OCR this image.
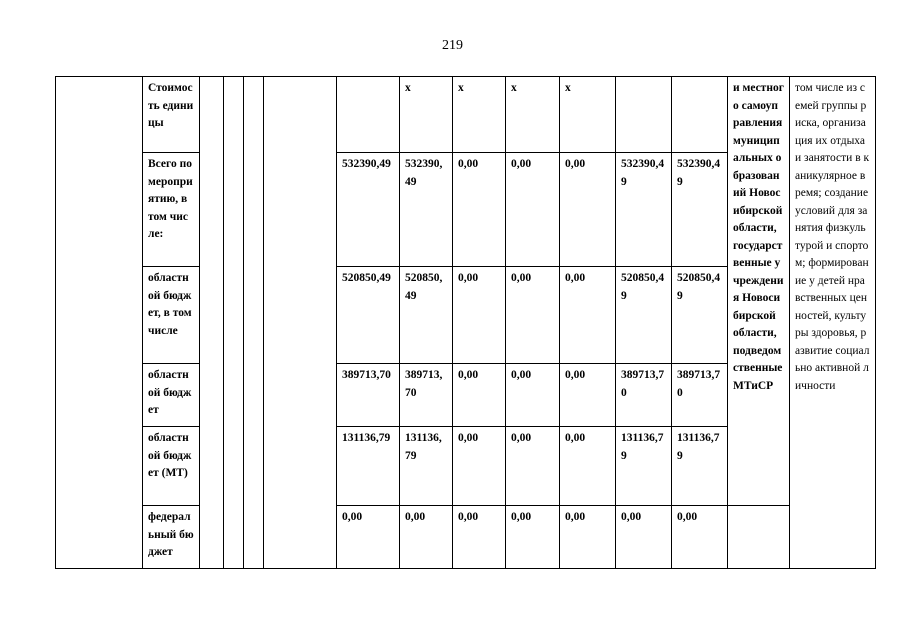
219
	Стоимость единицы						х	х	х	х			и местного самоуправления муниципальных образований Новосибирской области, государственные учреждения Новосибирской области, подведомственные МТиСР	том числе из семей группы риска, организация их отдыха и занятости в каникулярное время; создание условий для занятия физкультурой и спортом; формирование у детей нравственных ценностей, культуры здоровья, развитие социально активной личности
	Всего по мероприятию, в том числе:					532390,49	532390,49	0,00	0,00	0,00	532390,49	532390,49		
	областной бюджет, в том числе					520850,49	520850,49	0,00	0,00	0,00	520850,49	520850,49		
	областной бюджет					389713,70	389713,70	0,00	0,00	0,00	389713,70	389713,70		
	областной бюджет (МТ)					131136,79	131136,79	0,00	0,00	0,00	131136,79	131136,79		
	федеральный бюджет					0,00	0,00	0,00	0,00	0,00	0,00	0,00		
